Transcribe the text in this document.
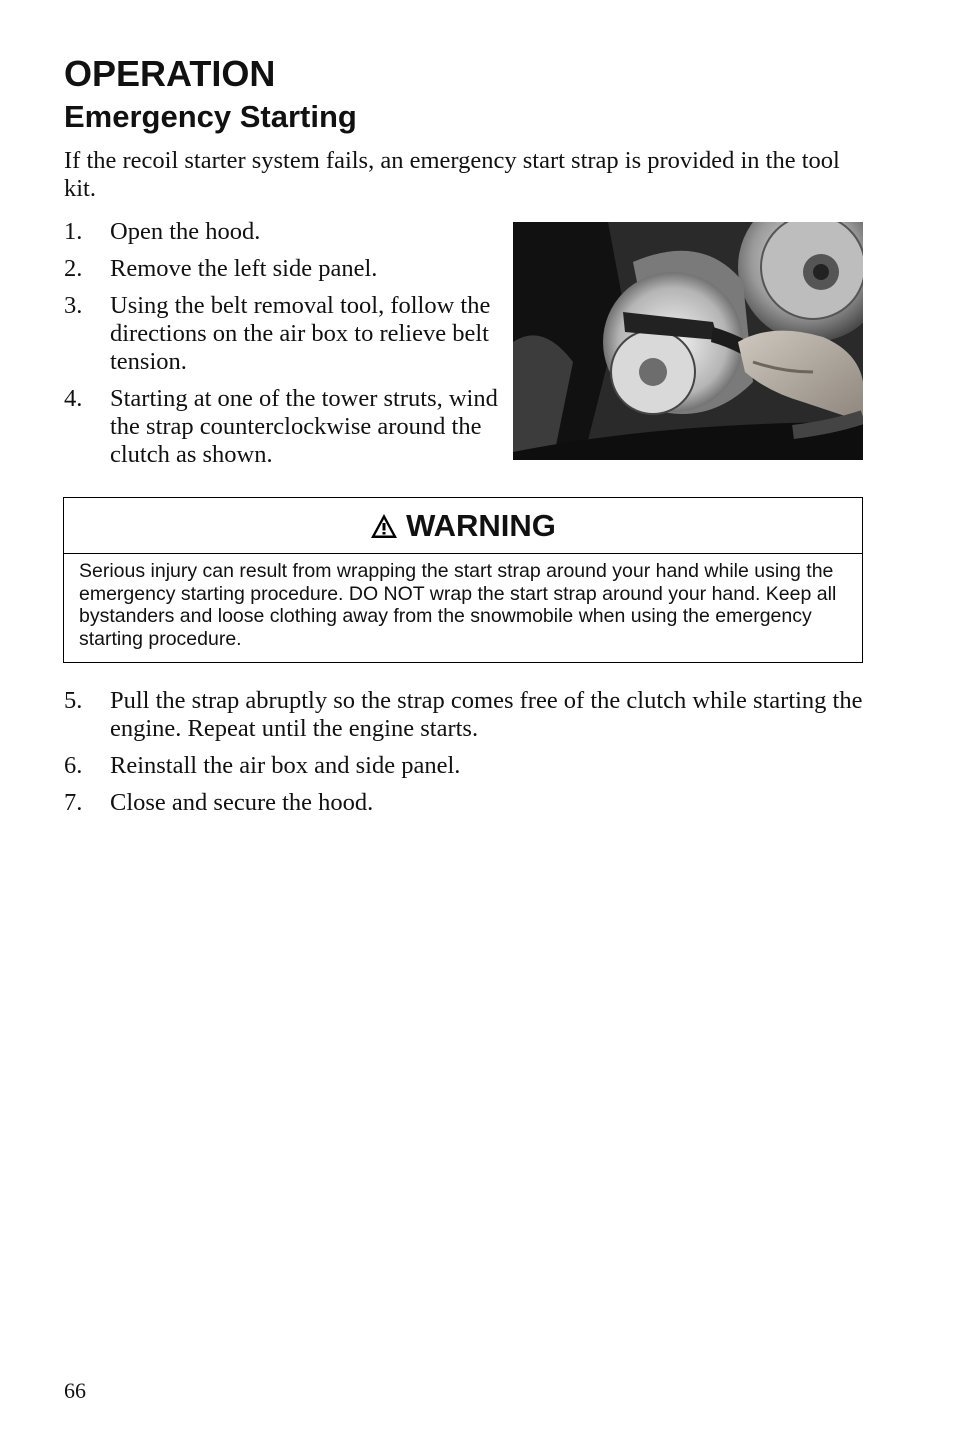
OPERATION
Emergency Starting

If the recoil starter system fails, an emergency start strap is provided in the tool kit.

1. Open the hood.
2. Remove the left side panel.
3. Using the belt removal tool, follow the directions on the air box to relieve belt tension.
4. Starting at one of the tower struts, wind the strap counterclockwise around the clutch as shown.
WARNING

Serious injury can result from wrapping the start strap around your hand while using the emergency starting procedure. DO NOT wrap the start strap around your hand. Keep all bystanders and loose clothing away from the snowmobile when using the emergency starting procedure.

5. Pull the strap abruptly so the strap comes free of the clutch while starting the engine. Repeat until the engine starts.
6. Reinstall the air box and side panel.
7. Close and secure the hood.

66
